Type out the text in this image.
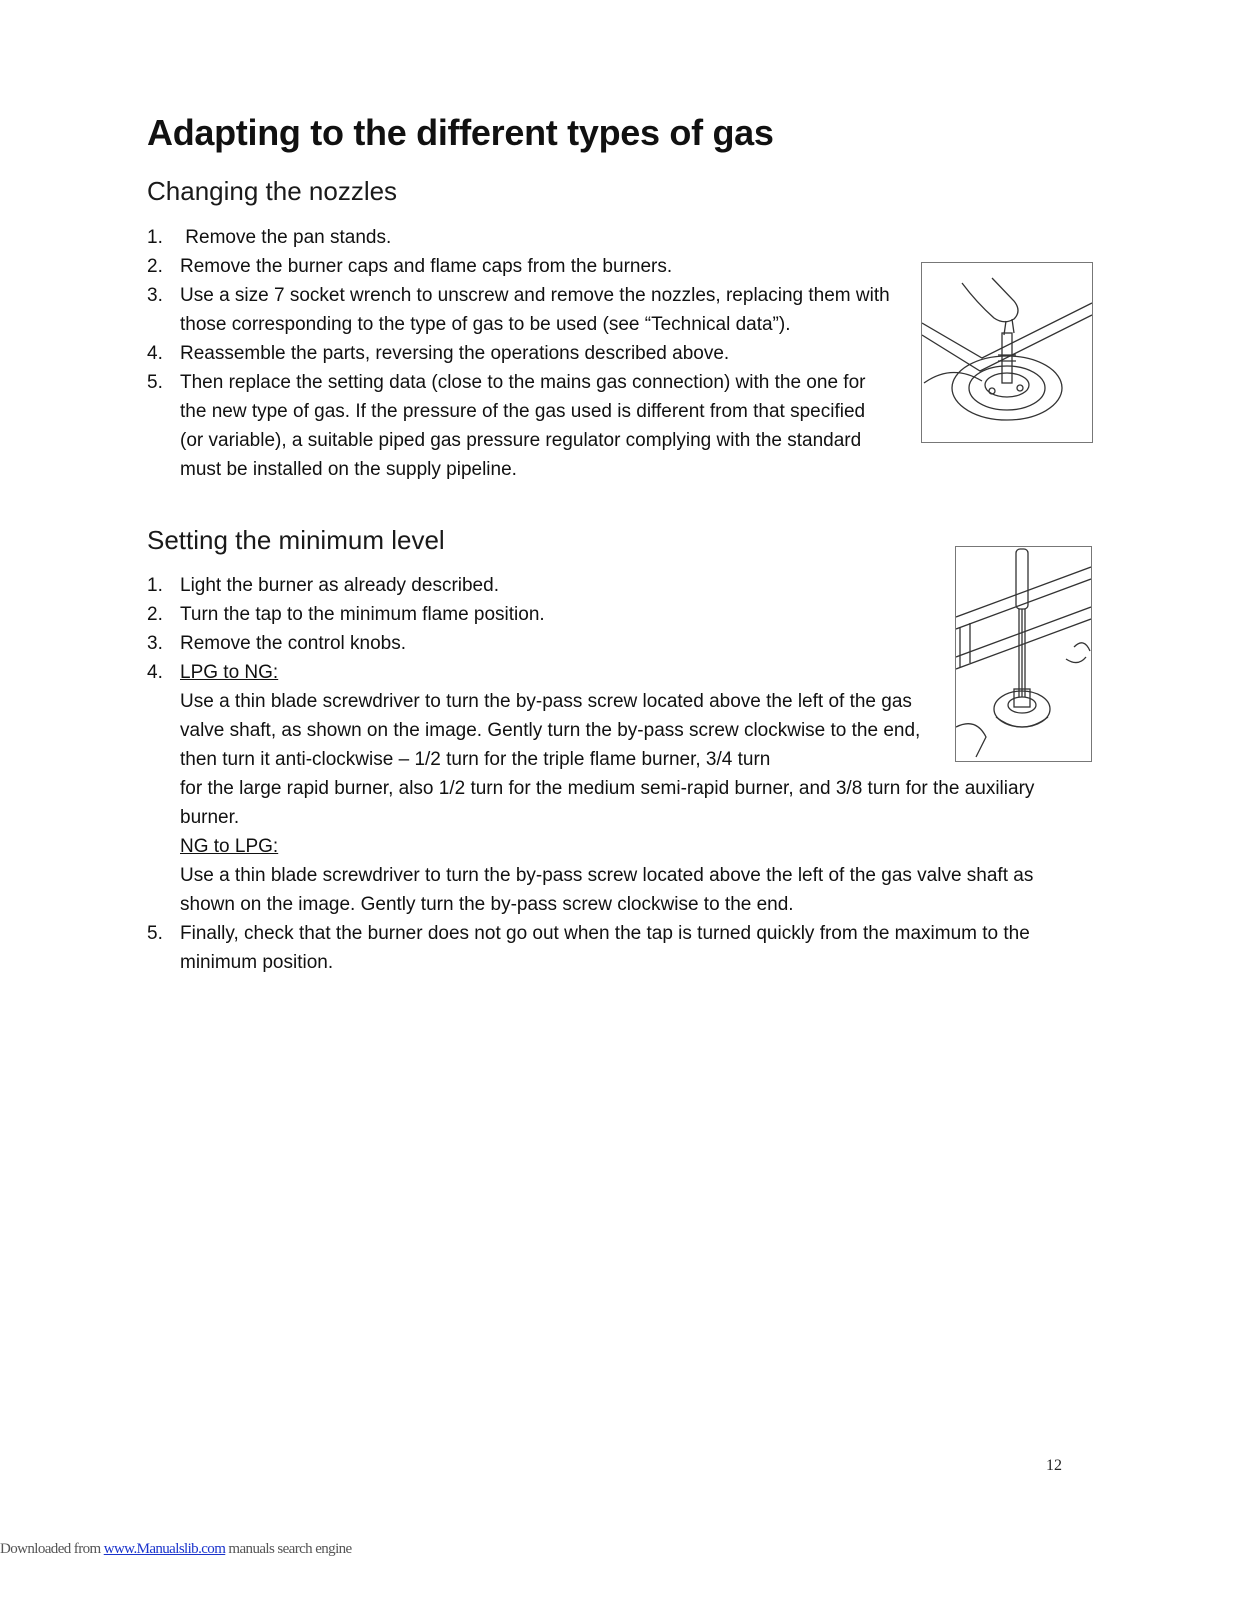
Adapting to the different types of gas
Changing the nozzles
1. Remove the pan stands.
2. Remove the burner caps and flame caps from the burners.
3. Use a size 7 socket wrench to unscrew and remove the nozzles, replacing them with those corresponding to the type of gas to be used (see “Technical data”).
4. Reassemble the parts, reversing the operations described above.
5. Then replace the setting data (close to the mains gas connection) with the one for the new type of gas. If the pressure of the gas used is different from that specified (or variable), a suitable piped gas pressure regulator complying with the standard must be installed on the supply pipeline.
Setting the minimum level
1. Light the burner as already described.
2. Turn the tap to the minimum flame position.
3. Remove the control knobs.
4. LPG to NG:
Use a thin blade screwdriver to turn the by-pass screw located above the left of the gas valve shaft, as shown on the image. Gently turn the by-pass screw clockwise to the end, then turn it anti-clockwise – 1/2 turn for the triple flame burner, 3/4 turn
for the large rapid burner, also 1/2 turn for the medium semi-rapid burner, and 3/8 turn for the auxiliary burner.
NG to LPG:
Use a thin blade screwdriver to turn the by-pass screw located above the left of the gas valve shaft as shown on the image. Gently turn the by-pass screw clockwise to the end.
5. Finally, check that the burner does not go out when the tap is turned quickly from the maximum to the minimum position.
12
Downloaded from www.Manualslib.com manuals search engine
